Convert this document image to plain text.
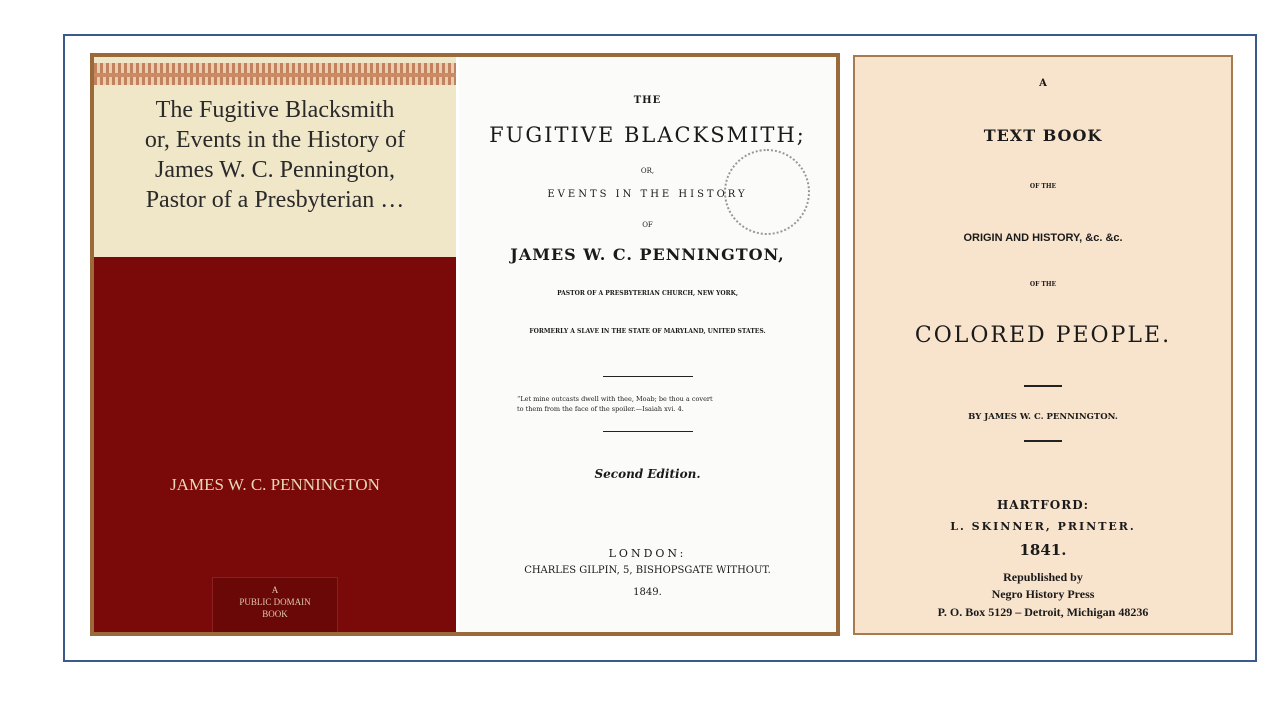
The Fugitive Blacksmith
or, Events in the History of
James W. C. Pennington,
Pastor of a Presbyterian …
JAMES W. C. PENNINGTON
A
PUBLIC DOMAIN
BOOK
THE
FUGITIVE BLACKSMITH;
OR,
EVENTS IN THE HISTORY
OF
JAMES W. C. PENNINGTON,
PASTOR OF A PRESBYTERIAN CHURCH, NEW YORK,
FORMERLY A SLAVE IN THE STATE OF MARYLAND, UNITED STATES.
“Let mine outcasts dwell with thee, Moab; be thou a covert
to them from the face of the spoiler.—Isaiah xvi. 4.
Second Edition.
LONDON:
CHARLES GILPIN, 5, BISHOPSGATE WITHOUT.
1849.
A
TEXT BOOK
OF THE
ORIGIN AND HISTORY, &c. &c.
OF THE
COLORED PEOPLE.
BY JAMES W. C. PENNINGTON.
HARTFORD:
L. SKINNER, PRINTER.
1841.
Republished by
Negro History Press
P. O. Box 5129 – Detroit, Michigan 48236
